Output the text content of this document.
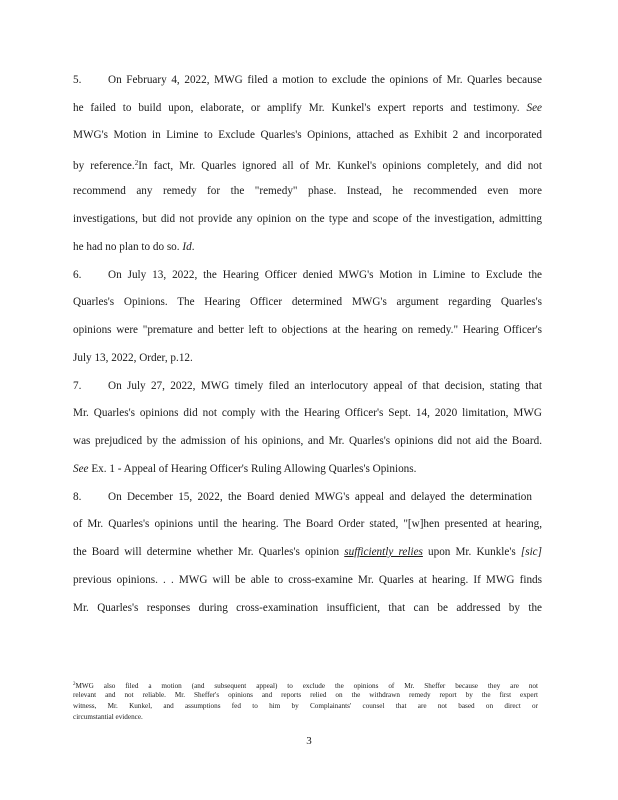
5. On February 4, 2022, MWG filed a motion to exclude the opinions of Mr. Quarles because
he failed to build upon, elaborate, or amplify Mr. Kunkel's expert reports and testimony. See
MWG's Motion in Limine to Exclude Quarles's Opinions, attached as Exhibit 2 and incorporated
by reference.$^2$In fact, Mr. Quarles ignored all of Mr. Kunkel's opinions completely, and did not
recommend any remedy for the "remedy" phase. Instead, he recommended even more
investigations, but did not provide any opinion on the type and scope of the investigation, admitting
he had no plan to do so. Id.
6. On July 13, 2022, the Hearing Officer denied MWG's Motion in Limine to Exclude the
Quarles's Opinions. The Hearing Officer determined MWG's argument regarding Quarles's
opinions were "premature and better left to objections at the hearing on remedy." Hearing Officer's
July 13, 2022, Order, p.12.
7. On July 27, 2022, MWG timely filed an interlocutory appeal of that decision, stating that
Mr. Quarles's opinions did not comply with the Hearing Officer's Sept. 14, 2020 limitation, MWG
was prejudiced by the admission of his opinions, and Mr. Quarles's opinions did not aid the Board.
See Ex. 1 - Appeal of Hearing Officer's Ruling Allowing Quarles's Opinions.
8. On December 15, 2022, the Board denied MWG's appeal and delayed the determination
of Mr. Quarles's opinions until the hearing. The Board Order stated, "[w]hen presented at hearing,
the Board will determine whether Mr. Quarles's opinion sufficiently relies upon Mr. Kunkle's [sic]
previous opinions. . . MWG will be able to cross-examine Mr. Quarles at hearing. If MWG finds
Mr. Quarles's responses during cross-examination insufficient, that can be addressed by the
$^2$MWG also filed a motion (and subsequent appeal) to exclude the opinions of Mr. Sheffer because they are not
relevant and not reliable. Mr. Sheffer's opinions and reports relied on the withdrawn remedy report by the first expert
witness, Mr. Kunkel, and assumptions fed to him by Complainants' counsel that are not based on direct or
circumstantial evidence.
3
